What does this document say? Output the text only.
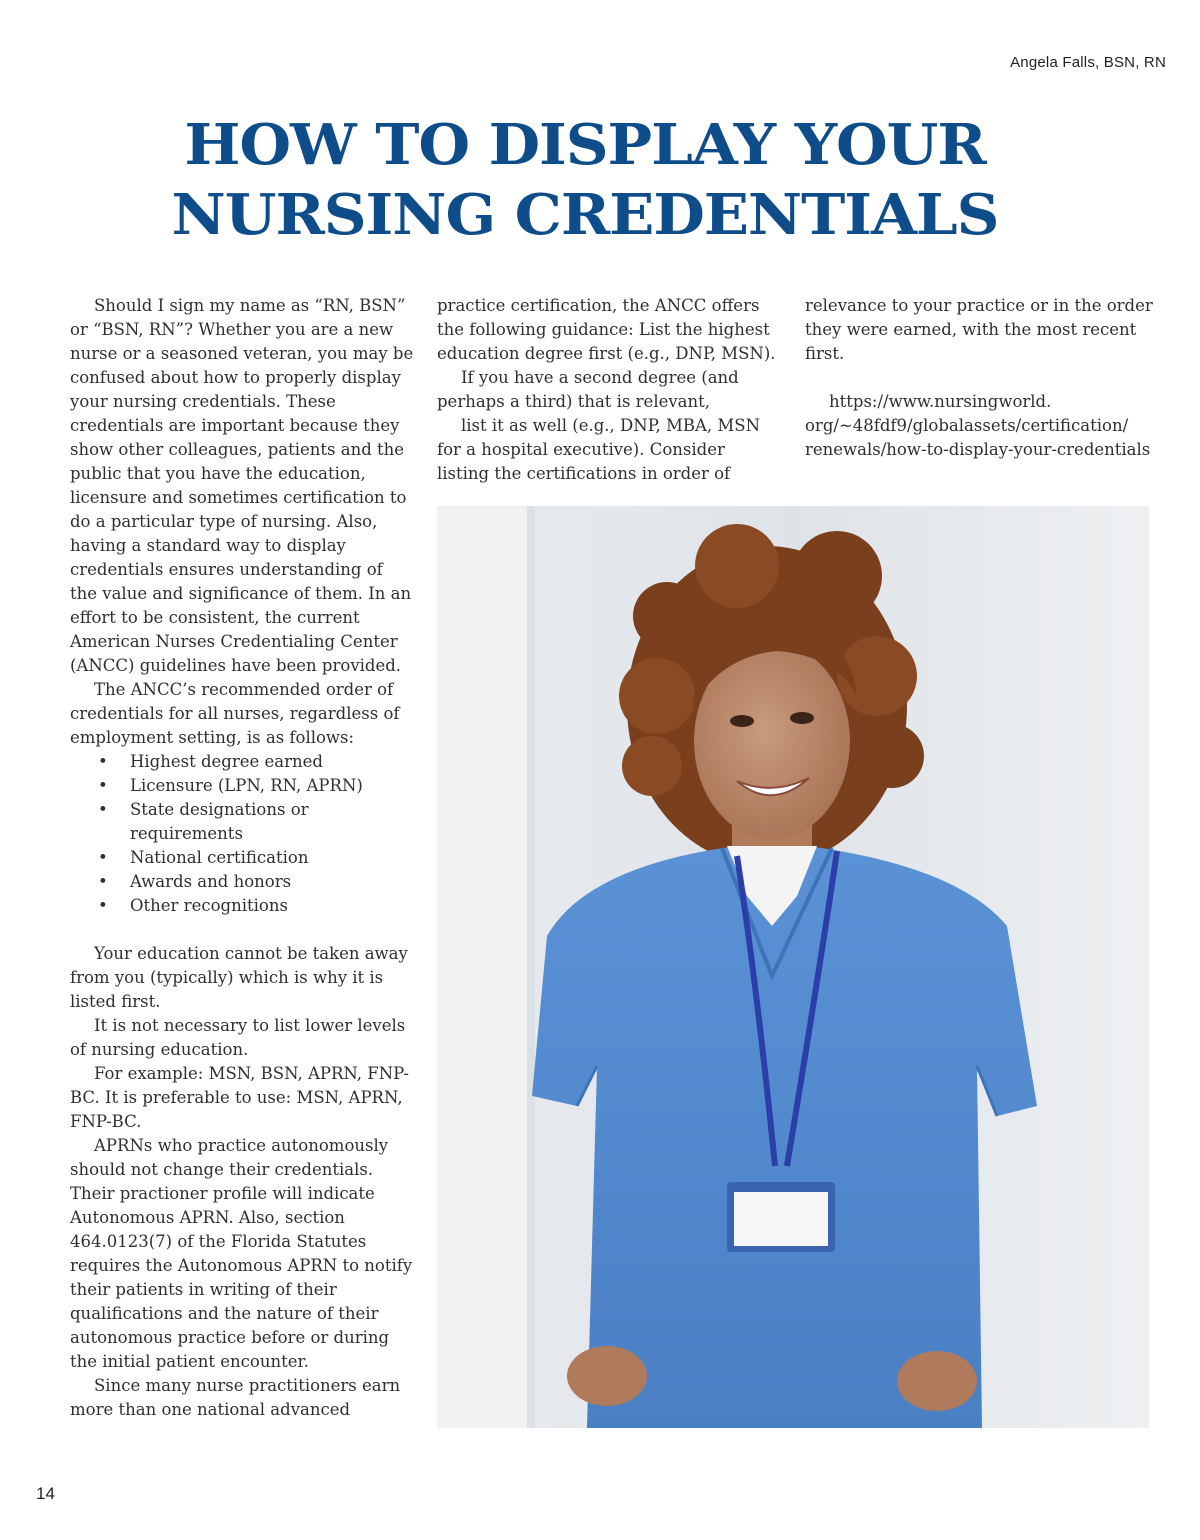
Angela Falls, BSN, RN
HOW TO DISPLAY YOUR
NURSING CREDENTIALS

Should I sign my name as “RN, BSN” or “BSN, RN”? Whether you are a new nurse or a seasoned veteran, you may be confused about how to properly display your nursing credentials. These credentials are important because they show other colleagues, patients and the public that you have the education, licensure and sometimes certification to do a particular type of nursing. Also, having a standard way to display credentials ensures understanding of the value and significance of them. In an effort to be consistent, the current American Nurses Credentialing Center (ANCC) guidelines have been provided.

The ANCC’s recommended order of credentials for all nurses, regardless of employment setting, is as follows:

• Highest degree earned
• Licensure (LPN, RN, APRN)
• State designations or requirements
• National certification
• Awards and honors
• Other recognitions

Your education cannot be taken away from you (typically) which is why it is listed first.

It is not necessary to list lower levels of nursing education.

For example: MSN, BSN, APRN, FNP-BC. It is preferable to use: MSN, APRN, FNP-BC.

APRNs who practice autonomously should not change their credentials. Their practioner profile will indicate Autonomous APRN. Also, section 464.0123(7) of the Florida Statutes requires the Autonomous APRN to notify their patients in writing of their qualifications and the nature of their autonomous practice before or during the initial patient encounter.

Since many nurse practitioners earn more than one national advanced

practice certification, the ANCC offers the following guidance: List the highest education degree first (e.g., DNP, MSN).

If you have a second degree (and perhaps a third) that is relevant,

list it as well (e.g., DNP, MBA, MSN for a hospital executive). Consider listing the certifications in order of

relevance to your practice or in the order they were earned, with the most recent first.

https://www.nursingworld.
org/~48fdf9/globalassets/certification/
renewals/how-to-display-your-credentials

14
